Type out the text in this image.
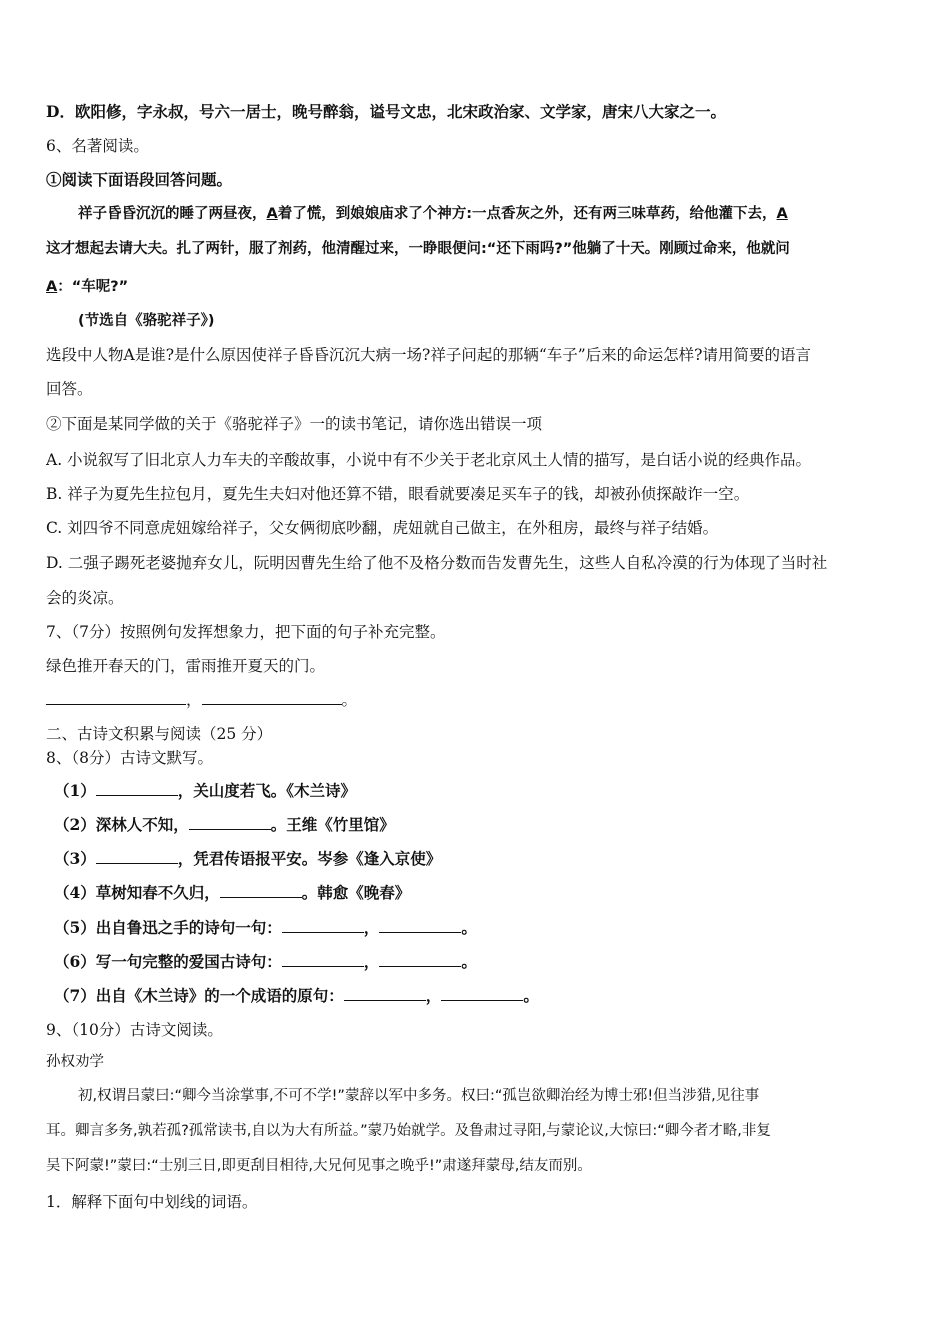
D．欧阳修，字永叔，号六一居士，晚号醉翁，谥号文忠，北宋政治家、文学家，唐宋八大家之一。
6、名著阅读。
①阅读下面语段回答问题。
祥子昏昏沉沉的睡了两昼夜，A着了慌，到娘娘庙求了个神方:一点香灰之外，还有两三味草药，给他灌下去，A
这才想起去请大夫。扎了两针，服了剂药，他清醒过来，一睁眼便问:“还下雨吗?”他躺了十天。刚顾过命来，他就问
A：“车呢?”
(节选自《骆驼祥子》)
选段中人物A是谁?是什么原因使祥子昏昏沉沉大病一场?祥子问起的那辆“车子”后来的命运怎样?请用简要的语言
回答。
②下面是某同学做的关于《骆驼祥子》一的读书笔记，请你选出错误一项
A. 小说叙写了旧北京人力车夫的辛酸故事，小说中有不少关于老北京风土人情的描写，是白话小说的经典作品。
B. 祥子为夏先生拉包月，夏先生夫妇对他还算不错，眼看就要凑足买车子的钱，却被孙侦探敲诈一空。
C. 刘四爷不同意虎妞嫁给祥子，父女俩彻底吵翻，虎妞就自己做主，在外租房，最终与祥子结婚。
D. 二强子踢死老婆抛弃女儿，阮明因曹先生给了他不及格分数而告发曹先生，这些人自私冷漠的行为体现了当时社
会的炎凉。
7、（7分）按照例句发挥想象力，把下面的句子补充完整。
绿色推开春天的门，雷雨推开夏天的门。
，	。
二、古诗文积累与阅读（25 分）
8、（8分）古诗文默写。
（1）	，关山度若飞。《木兰诗》
（2）深林人不知，	。王维《竹里馆》
（3）	，凭君传语报平安。岑参《逢入京使》
（4）草树知春不久归，	。韩愈《晚春》
（5）出自鲁迅之手的诗句一句：	，	。
（6）写一句完整的爱国古诗句：	，	。
（7）出自《木兰诗》的一个成语的原句：	，	。
9、（10分）古诗文阅读。
孙权劝学
初,权谓吕蒙曰:“卿今当涂掌事,不可不学!”蒙辞以军中多务。权曰:“孤岂欲卿治经为博士邪!但当涉猎,见往事
耳。卿言多务,孰若孤?孤常读书,自以为大有所益。”蒙乃始就学。及鲁肃过寻阳,与蒙论议,大惊曰:“卿今者才略,非复
吴下阿蒙!”蒙曰:“士别三日,即更刮目相待,大兄何见事之晚乎!”肃遂拜蒙母,结友而别。
1．解释下面句中划线的词语。
